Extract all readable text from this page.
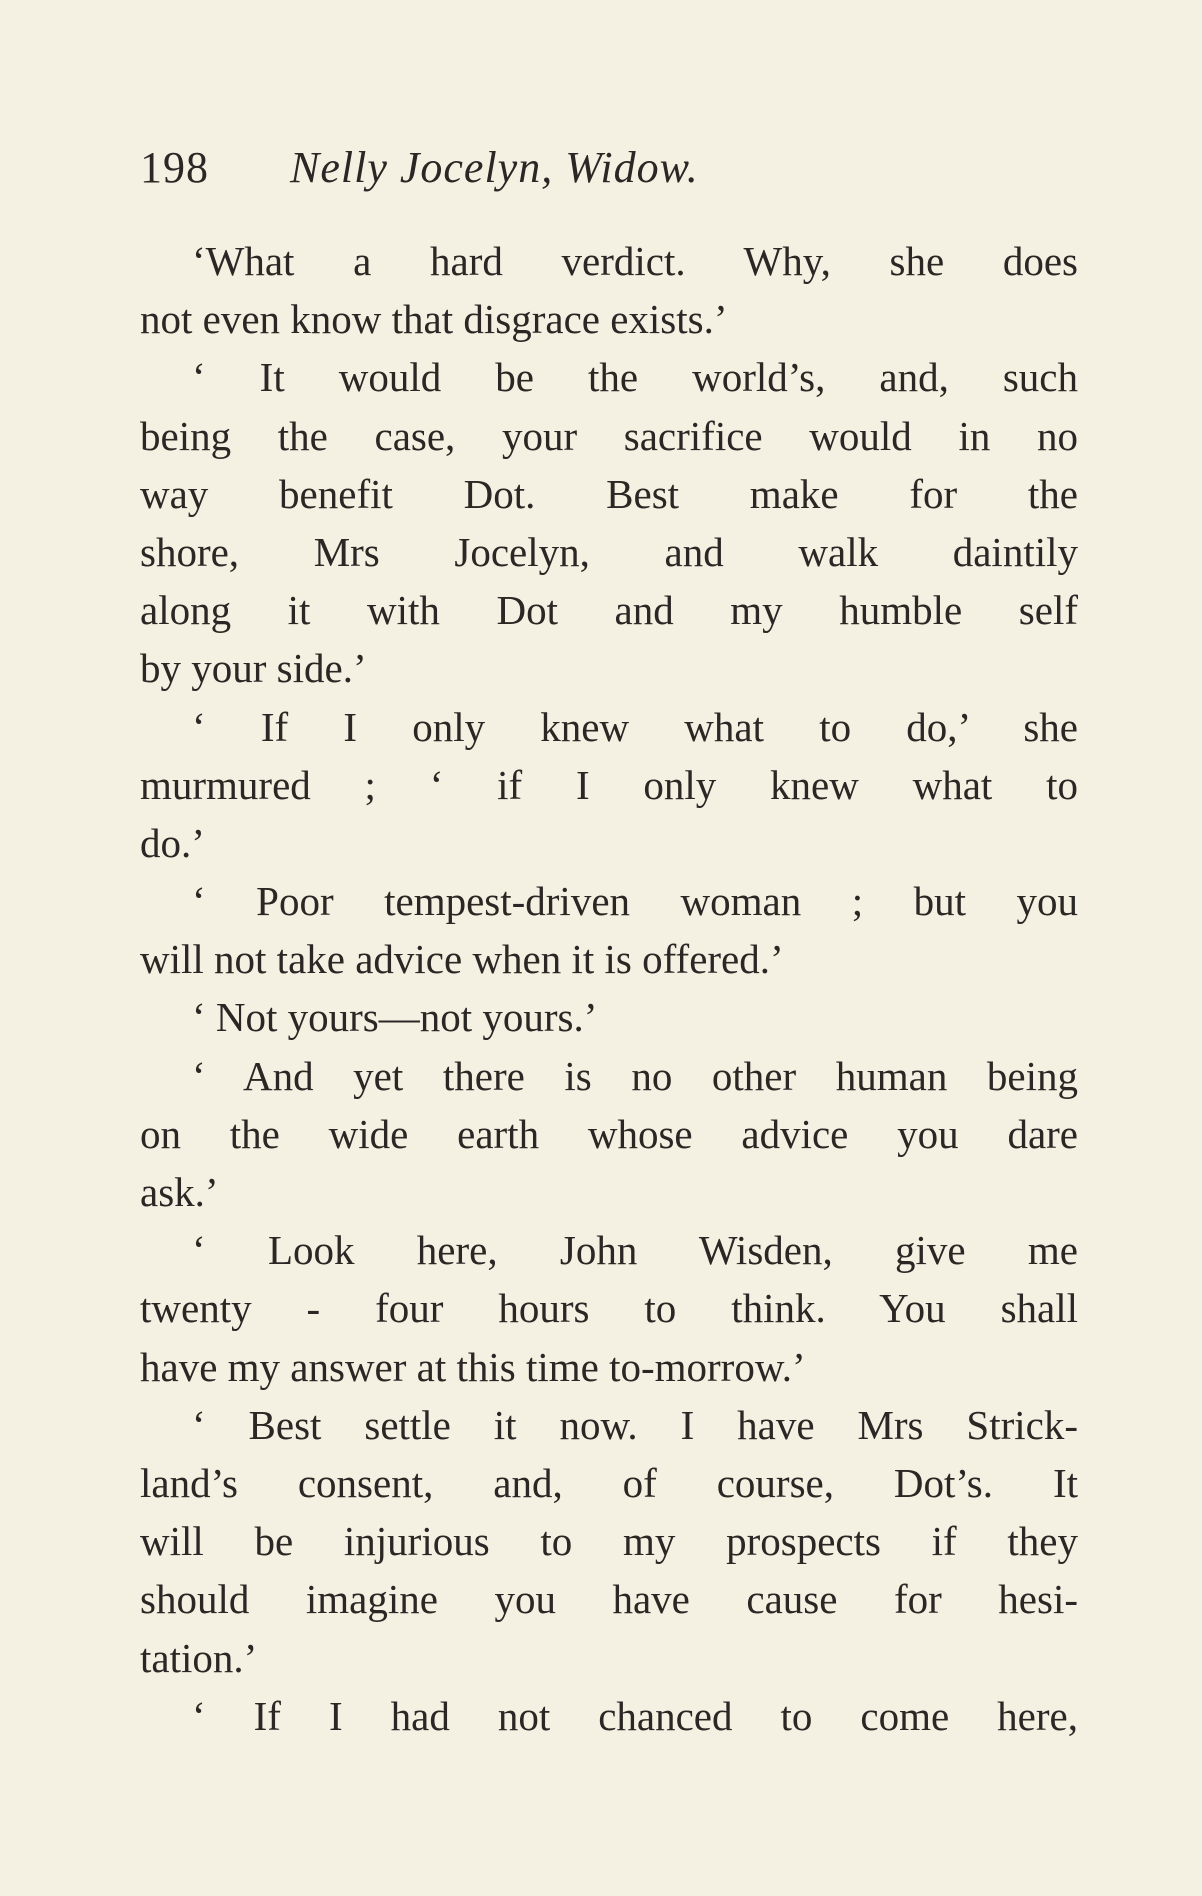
198 Nelly Jocelyn, Widow.
‘What a hard verdict. Why, she does
not even know that disgrace exists.’
‘ It would be the world’s, and, such
being the case, your sacrifice would in no
way benefit Dot. Best make for the
shore, Mrs Jocelyn, and walk daintily
along it with Dot and my humble self
by your side.’
‘ If I only knew what to do,’ she
murmured ; ‘ if I only knew what to
do.’
‘ Poor tempest-driven woman ; but you
will not take advice when it is offered.’
‘ Not yours—not yours.’
‘ And yet there is no other human being
on the wide earth whose advice you dare
ask.’
‘ Look here, John Wisden, give me
twenty - four hours to think. You shall
have my answer at this time to-morrow.’
‘ Best settle it now. I have Mrs Strick-
land’s consent, and, of course, Dot’s. It
will be injurious to my prospects if they
should imagine you have cause for hesi-
tation.’
‘ If I had not chanced to come here,
